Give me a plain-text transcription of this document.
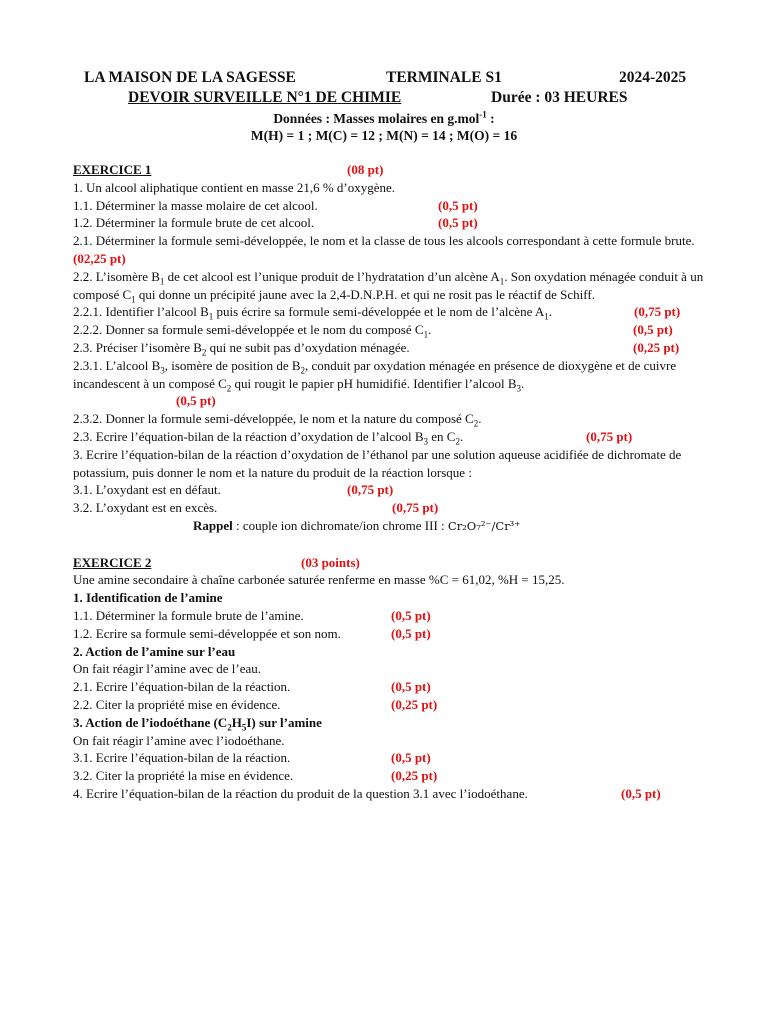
LA MAISON DE LA SAGESSE	TERMINALE S1	2024-2025
DEVOIR SURVEILLE N°1 DE CHIMIE	Durée : 03 HEURES
Données : Masses molaires en g.mol$^{-1}$ :
M(H) = 1 ; M(C) = 12 ; M(N) = 14 ; M(O) = 16
EXERCICE 1	(08 pt)
1. Un alcool aliphatique contient en masse 21,6 % d’oxygène.
1.1. Déterminer la masse molaire de cet alcool.	(0,5 pt)
1.2. Déterminer la formule brute de cet alcool.	(0,5 pt)
2.1. Déterminer la formule semi-développée, le nom et la classe de tous les alcools correspondant à cette formule brute. (02,25 pt)
2.2. L’isomère $B_1$ de cet alcool est l’unique produit de l’hydratation d’un alcène $A_1$. Son oxydation ménagée conduit à un composé $C_1$ qui donne un précipité jaune avec la 2,4-D.N.P.H. et qui ne rosit pas le réactif de Schiff.
2.2.1. Identifier l’alcool $B_1$ puis écrire sa formule semi-développée et le nom de l’alcène $A_1$.	(0,75 pt)
2.2.2. Donner sa formule semi-développée et le nom du composé $C_1$.	(0,5 pt)
2.3. Préciser l’isomère $B_2$ qui ne subit pas d’oxydation ménagée.	(0,25 pt)
2.3.1. L’alcool $B_3$, isomère de position de $B_2$, conduit par oxydation ménagée en présence de dioxygène et de cuivre incandescent à un composé $C_2$ qui rougit le papier pH humidifié. Identifier l’alcool $B_3$.
(0,5 pt)

2.3.2. Donner la formule semi-développée, le nom et la nature du composé $C_2$.
2.3. Ecrire l’équation-bilan de la réaction d’oxydation de l’alcool $B_3$ en $C_2$.	(0,75 pt)
3. Ecrire l’équation-bilan de la réaction d’oxydation de l’éthanol par une solution aqueuse acidifiée de dichromate de potassium, puis donner le nom et la nature du produit de la réaction lorsque :
3.1. L’oxydant est en défaut.	(0,75 pt)
3.2. L’oxydant est en excès.	(0,75 pt)
Rappel : couple ion dichromate/ion chrome III : Cr₂O₇²⁻/Cr³⁺
EXERCICE 2	(03 points)
Une amine secondaire à chaîne carbonée saturée renferme en masse %C = 61,02, %H = 15,25.
1. Identification de l’amine
1.1. Déterminer la formule brute de l’amine.	(0,5 pt)
1.2. Ecrire sa formule semi-développée et son nom.	(0,5 pt)
2. Action de l’amine sur l’eau
On fait réagir l’amine avec de l’eau.
2.1. Ecrire l’équation-bilan de la réaction.	(0,5 pt)
2.2. Citer la propriété mise en évidence.	(0,25 pt)
3. Action de l’iodoéthane $(C_2H_5I)$ sur l’amine
On fait réagir l’amine avec l’iodoéthane.
3.1. Ecrire l’équation-bilan de la réaction.	(0,5 pt)
3.2. Citer la propriété la mise en évidence.	(0,25 pt)
4. Ecrire l’équation-bilan de la réaction du produit de la question 3.1 avec l’iodoéthane.	(0,5 pt)
